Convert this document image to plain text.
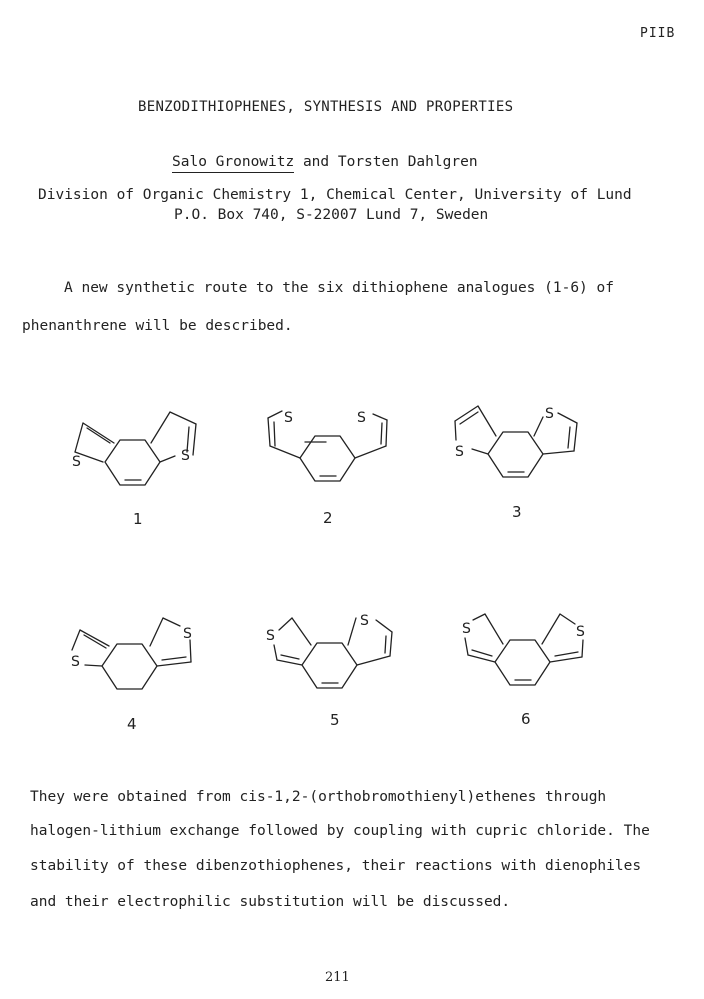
PIIB
BENZODITHIOPHENES, SYNTHESIS AND PROPERTIES
Salo Gronowitz and Torsten Dahlgren
Division of Organic Chemistry 1, Chemical Center, University of Lund
P.O. Box 740, S-22007 Lund 7, Sweden
A new synthetic route to the six dithiophene analogues (1-6) of
phenanthrene will be described.
S	S
S	S
S
S
S
S	S
S	S	S
1	2	3
4	5	6
They were obtained from cis-1,2-(orthobromothienyl)ethenes through
halogen-lithium exchange followed by coupling with cupric chloride. The
stability of these dibenzothiophenes, their reactions with dienophiles
and their electrophilic substitution will be discussed.
211
